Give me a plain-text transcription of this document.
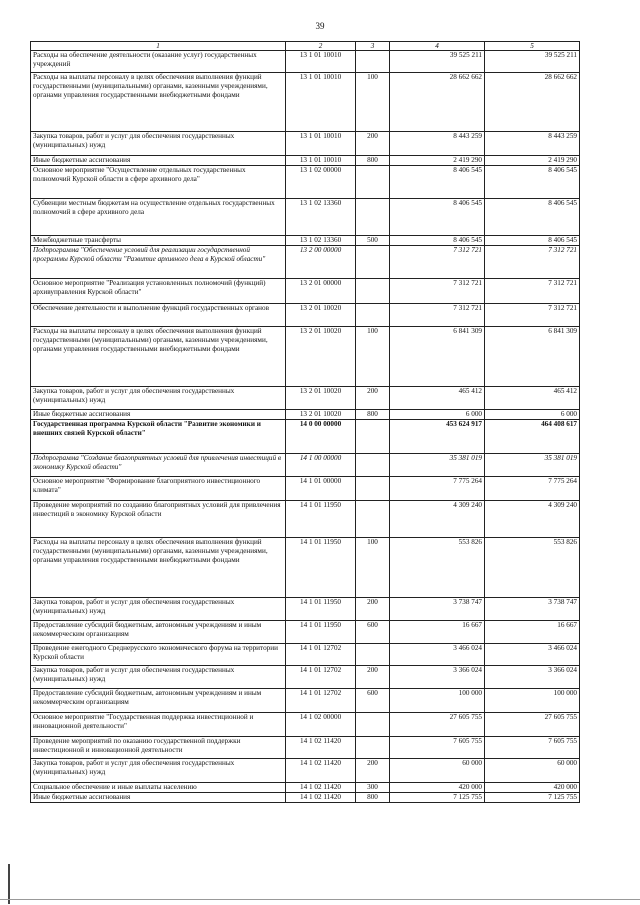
39
1	2	3	4	5
Расходы на обеспечение деятельности (оказание услуг) государственных учреждений	13 1 01 10010		39 525 211	39 525 211
Расходы на выплаты персоналу в целях обеспечения выполнения функций государственными (муниципальными) органами, казенными учреждениями, органами управления государственными внебюджетными фондами	13 1 01 10010	100	28 662 662	28 662 662
Закупка товаров, работ и услуг для обеспечения государственных (муниципальных) нужд	13 1 01 10010	200	8 443 259	8 443 259
Иные бюджетные ассигнования	13 1 01 10010	800	2 419 290	2 419 290
Основное мероприятие "Осуществление отдельных государственных полномочий Курской области в сфере архивного дела"	13 1 02 00000		8 406 545	8 406 545
Субвенции местным бюджетам на осуществление отдельных государственных полномочий в сфере архивного дела	13 1 02 13360		8 406 545	8 406 545
Межбюджетные трансферты	13 1 02 13360	500	8 406 545	8 406 545
Подпрограмма "Обеспечение условий для реализации государственной программы Курской области "Развитие архивного дела в Курской области"	13 2 00 00000		7 312 721	7 312 721
Основное мероприятие "Реализация установленных полномочий (функций) архивуправления Курской области"	13 2 01 00000		7 312 721	7 312 721
Обеспечение деятельности и выполнение функций государственных органов	13 2 01 10020		7 312 721	7 312 721
Расходы на выплаты персоналу в целях обеспечения выполнения функций государственными (муниципальными) органами, казенными учреждениями, органами управления государственными внебюджетными фондами	13 2 01 10020	100	6 841 309	6 841 309
Закупка товаров, работ и услуг для обеспечения государственных (муниципальных) нужд	13 2 01 10020	200	465 412	465 412
Иные бюджетные ассигнования	13 2 01 10020	800	6 000	6 000
Государственная программа Курской области "Развитие экономики и внешних связей Курской области"	14 0 00 00000		453 624 917	464 408 617
Подпрограмма "Создание благоприятных условий для привлечения инвестиций в экономику Курской области"	14 1 00 00000		35 381 019	35 381 019
Основное мероприятие "Формирование благоприятного инвестиционного климата"	14 1 01 00000		7 775 264	7 775 264
Проведение мероприятий по созданию благоприятных условий для привлечения инвестиций в экономику Курской области	14 1 01 11950		4 309 240	4 309 240
Расходы на выплаты персоналу в целях обеспечения выполнения функций государственными (муниципальными) органами, казенными учреждениями, органами управления государственными внебюджетными фондами	14 1 01 11950	100	553 826	553 826
Закупка товаров, работ и услуг для обеспечения государственных (муниципальных) нужд	14 1 01 11950	200	3 738 747	3 738 747
Предоставление субсидий бюджетным, автономным учреждениям и иным некоммерческим организациям	14 1 01 11950	600	16 667	16 667
Проведение ежегодного Среднерусского экономического форума на территории Курской области	14 1 01 12702		3 466 024	3 466 024
Закупка товаров, работ и услуг для обеспечения государственных (муниципальных) нужд	14 1 01 12702	200	3 366 024	3 366 024
Предоставление субсидий бюджетным, автономным учреждениям и иным некоммерческим организациям	14 1 01 12702	600	100 000	100 000
Основное мероприятие "Государственная поддержка инвестиционной и инновационной деятельности"	14 1 02 00000		27 605 755	27 605 755
Проведение мероприятий по оказанию государственной поддержки инвестиционной и инновационной деятельности	14 1 02 11420		7 605 755	7 605 755
Закупка товаров, работ и услуг для обеспечения государственных (муниципальных) нужд	14 1 02 11420	200	60 000	60 000
Социальное обеспечение и иные выплаты населению	14 1 02 11420	300	420 000	420 000
Иные бюджетные ассигнования	14 1 02 11420	800	7 125 755	7 125 755
